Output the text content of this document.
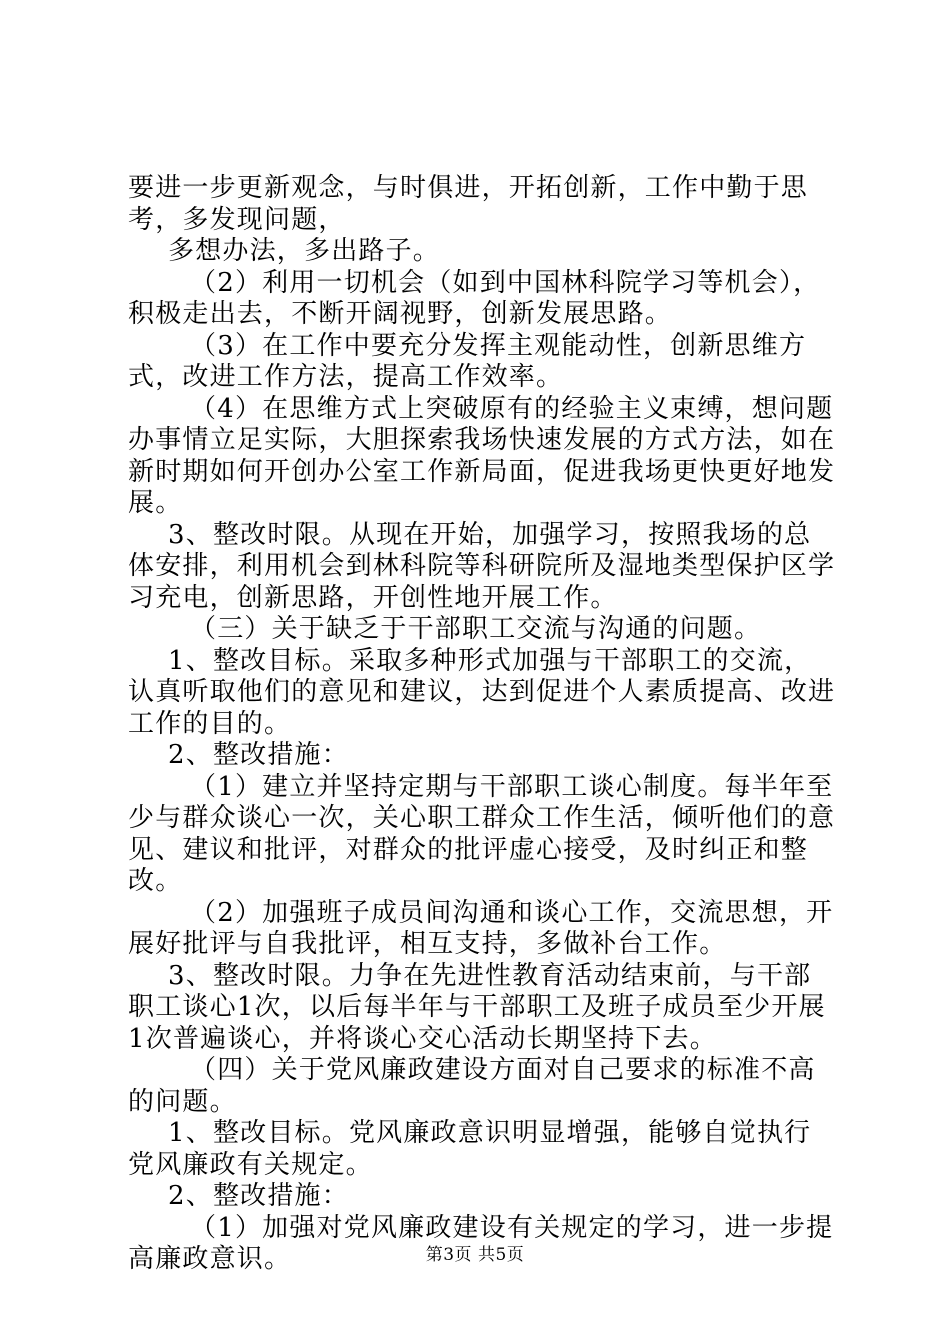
要进一步更新观念，与时俱进，开拓创新，工作中勤于思考，多发现问题，

多想办法，多出路子。

（2）利用一切机会（如到中国林科院学习等机会），积极走出去，不断开阔视野，创新发展思路。

（3）在工作中要充分发挥主观能动性，创新思维方式，改进工作方法，提高工作效率。

（4）在思维方式上突破原有的经验主义束缚，想问题办事情立足实际，大胆探索我场快速发展的方式方法，如在新时期如何开创办公室工作新局面，促进我场更快更好地发展。

3、整改时限。从现在开始，加强学习，按照我场的总体安排，利用机会到林科院等科研院所及湿地类型保护区学习充电，创新思路，开创性地开展工作。

（三）关于缺乏于干部职工交流与沟通的问题。

1、整改目标。采取多种形式加强与干部职工的交流，认真听取他们的意见和建议，达到促进个人素质提高、改进工作的目的。

2、整改措施：

（1）建立并坚持定期与干部职工谈心制度。每半年至少与群众谈心一次，关心职工群众工作生活，倾听他们的意见、建议和批评，对群众的批评虚心接受，及时纠正和整改。

（2）加强班子成员间沟通和谈心工作，交流思想，开展好批评与自我批评，相互支持，多做补台工作。

3、整改时限。力争在先进性教育活动结束前，与干部职工谈心1次，以后每半年与干部职工及班子成员至少开展1次普遍谈心，并将谈心交心活动长期坚持下去。

（四）关于党风廉政建设方面对自己要求的标准不高的问题。

1、整改目标。党风廉政意识明显增强，能够自觉执行党风廉政有关规定。

2、整改措施：

（1）加强对党风廉政建设有关规定的学习，进一步提高廉政意识。	第3页 共5页
